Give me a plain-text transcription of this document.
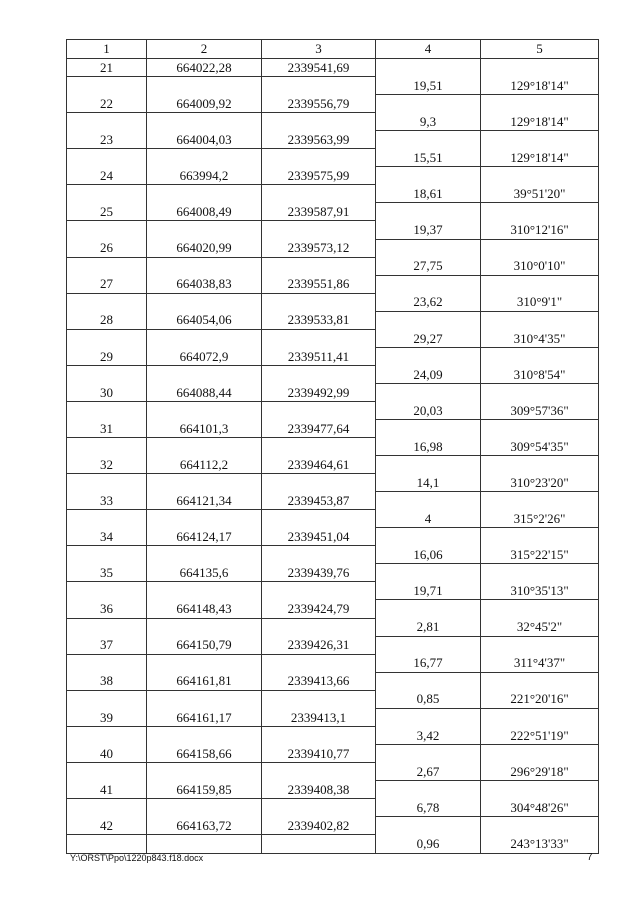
1	2	3	4	5
21	664022,28	2339541,69		
			19,51	129°18'14"
22	664009,92	2339556,79		
			9,3	129°18'14"
23	664004,03	2339563,99		
			15,51	129°18'14"
24	663994,2	2339575,99		
			18,61	39°51'20"
25	664008,49	2339587,91		
			19,37	310°12'16"
26	664020,99	2339573,12		
			27,75	310°0'10"
27	664038,83	2339551,86		
			23,62	310°9'1"
28	664054,06	2339533,81		
			29,27	310°4'35"
29	664072,9	2339511,41		
			24,09	310°8'54"
30	664088,44	2339492,99		
			20,03	309°57'36"
31	664101,3	2339477,64		
			16,98	309°54'35"
32	664112,2	2339464,61		
			14,1	310°23'20"
33	664121,34	2339453,87		
			4	315°2'26"
34	664124,17	2339451,04		
			16,06	315°22'15"
35	664135,6	2339439,76		
			19,71	310°35'13"
36	664148,43	2339424,79		
			2,81	32°45'2"
37	664150,79	2339426,31		
			16,77	311°4'37"
38	664161,81	2339413,66		
			0,85	221°20'16"
39	664161,17	2339413,1		
			3,42	222°51'19"
40	664158,66	2339410,77		
			2,67	296°29'18"
41	664159,85	2339408,38		
			6,78	304°48'26"
42	664163,72	2339402,82		
			0,96	243°13'33"
Y:\ORST\Ppo\1220p843.f18.docx	7
